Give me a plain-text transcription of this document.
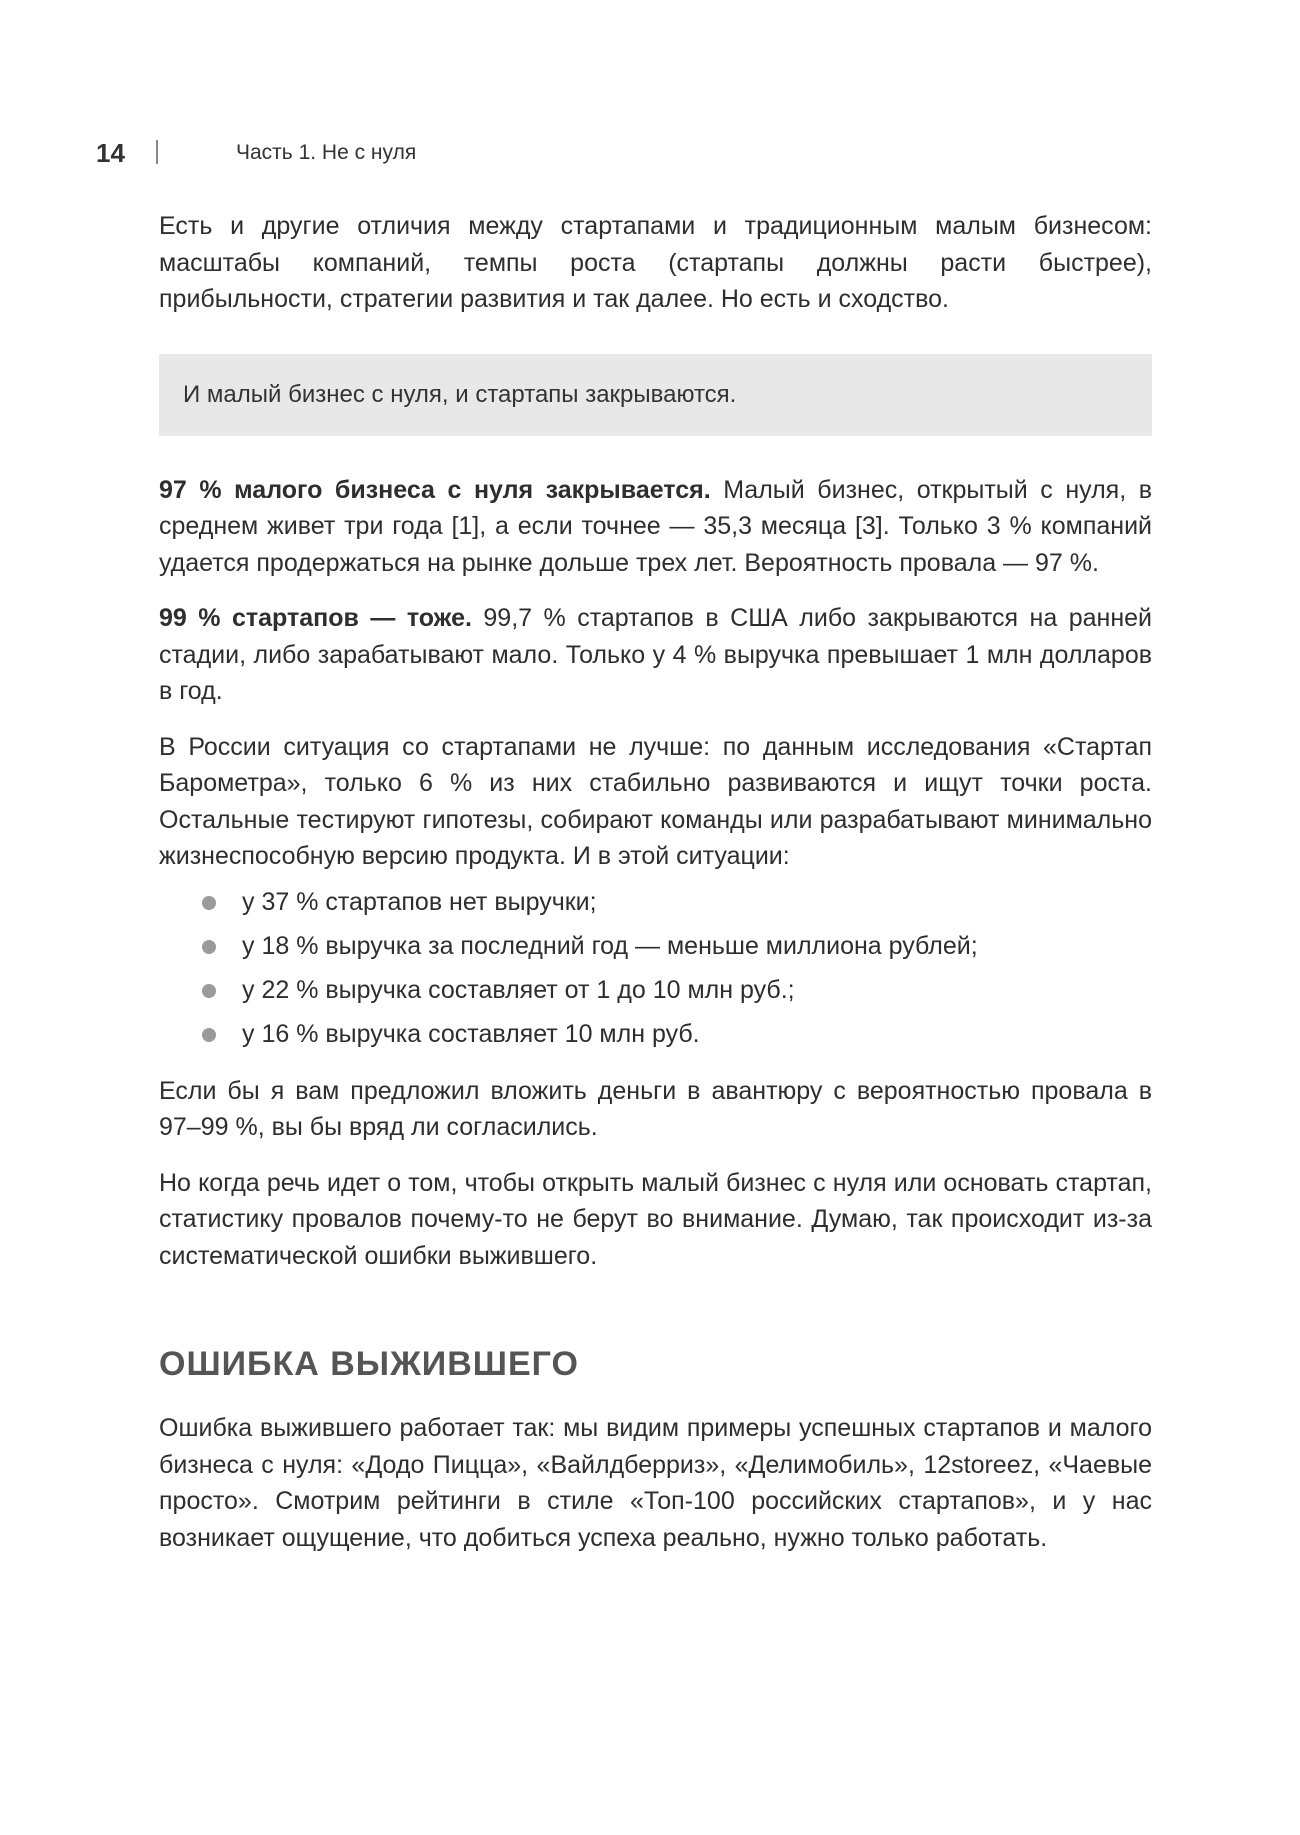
14	Часть 1. Не с нуля

Есть и другие отличия между стартапами и традиционным малым бизнесом: масштабы компаний, темпы роста (стартапы должны расти быстрее), прибыльности, стратегии развития и так далее. Но есть и сходство.

И малый бизнес с нуля, и стартапы закрываются.

97 % малого бизнеса с нуля закрывается. Малый бизнес, открытый с нуля, в среднем живет три года [1], а если точнее — 35,3 месяца [3]. Только 3 % компаний удается продержаться на рынке дольше трех лет. Вероятность провала — 97 %.

99 % стартапов — тоже. 99,7 % стартапов в США либо закрываются на ранней стадии, либо зарабатывают мало. Только у 4 % выручка превышает 1 млн долларов в год.

В России ситуация со стартапами не лучше: по данным исследования «Стартап Барометра», только 6 % из них стабильно развиваются и ищут точки роста. Остальные тестируют гипотезы, собирают команды или разрабатывают минимально жизнеспособную версию продукта. И в этой ситуации:

у 37 % стартапов нет выручки;
у 18 % выручка за последний год — меньше миллиона рублей;
у 22 % выручка составляет от 1 до 10 млн руб.;
у 16 % выручка составляет 10 млн руб.

Если бы я вам предложил вложить деньги в авантюру с вероятностью провала в 97–99 %, вы бы вряд ли согласились.

Но когда речь идет о том, чтобы открыть малый бизнес с нуля или основать стартап, статистику провалов почему-то не берут во внимание. Думаю, так происходит из-за систематической ошибки выжившего.

ОШИБКА ВЫЖИВШЕГО

Ошибка выжившего работает так: мы видим примеры успешных стартапов и малого бизнеса с нуля: «Додо Пицца», «Вайлдберриз», «Делимобиль», 12storeez, «Чаевые просто». Смотрим рейтинги в стиле «Топ-100 российских стартапов», и у нас возникает ощущение, что добиться успеха реально, нужно только работать.
